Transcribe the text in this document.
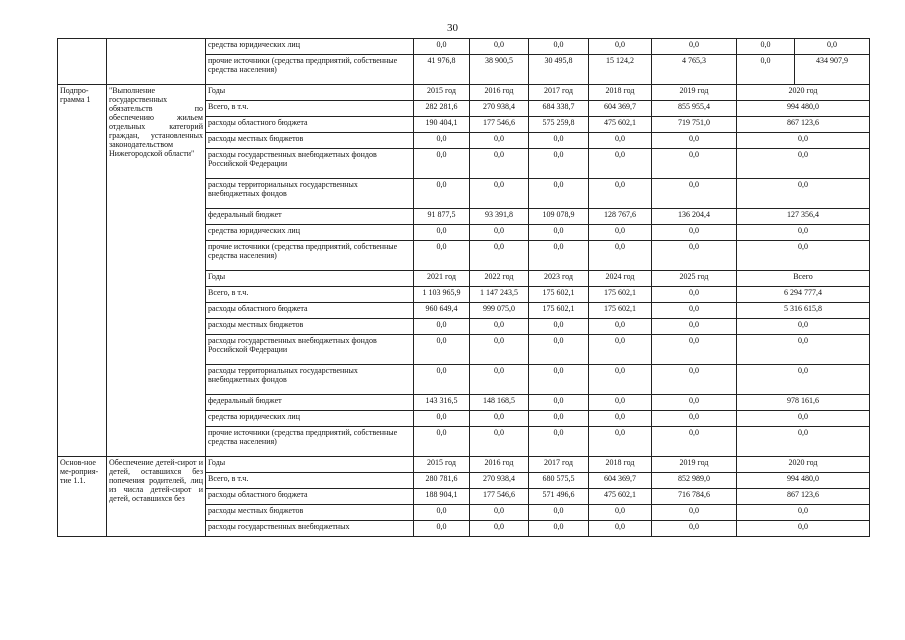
30
		средства юридических лиц	0,0	0,0	0,0	0,0	0,0	0,0	0,0
		прочие источники (средства предприятий, собственные средства населения)	41 976,8	38 900,5	30 495,8	15 124,2	4 765,3	0,0	434 907,9
Подпро-грамма 1	"Выполнение государственных обязательств по обеспечению жильем отдельных категорий граждан, установленных законодательством Нижегородской области"	Годы	2015 год	2016 год	2017 год	2018 год	2019 год	2020 год	
		Всего, в т.ч.	282 281,6	270 938,4	684 338,7	604 369,7	855 955,4	994 480,0	
		расходы областного бюджета	190 404,1	177 546,6	575 259,8	475 602,1	719 751,0	867 123,6	
		расходы местных бюджетов	0,0	0,0	0,0	0,0	0,0	0,0	
		расходы государственных внебюджетных фондов Российской Федерации	0,0	0,0	0,0	0,0	0,0	0,0	
		расходы территориальных государственных внебюджетных фондов	0,0	0,0	0,0	0,0	0,0	0,0	
		федеральный бюджет	91 877,5	93 391,8	109 078,9	128 767,6	136 204,4	127 356,4	
		средства юридических лиц	0,0	0,0	0,0	0,0	0,0	0,0	
		прочие источники (средства предприятий, собственные средства населения)	0,0	0,0	0,0	0,0	0,0	0,0	
		Годы	2021 год	2022 год	2023 год	2024 год	2025 год	Всего	
		Всего, в т.ч.	1 103 965,9	1 147 243,5	175 602,1	175 602,1	0,0	6 294 777,4	
		расходы областного бюджета	960 649,4	999 075,0	175 602,1	175 602,1	0,0	5 316 615,8	
		расходы местных бюджетов	0,0	0,0	0,0	0,0	0,0	0,0	
		расходы государственных внебюджетных фондов Российской Федерации	0,0	0,0	0,0	0,0	0,0	0,0	
		расходы территориальных государственных внебюджетных фондов	0,0	0,0	0,0	0,0	0,0	0,0	
		федеральный бюджет	143 316,5	148 168,5	0,0	0,0	0,0	978 161,6	
		средства юридических лиц	0,0	0,0	0,0	0,0	0,0	0,0	
		прочие источники (средства предприятий, собственные средства населения)	0,0	0,0	0,0	0,0	0,0	0,0	
Основ-ное ме-роприя-тие 1.1.	Обеспечение детей-сирот и детей, оставшихся без попечения родителей, лиц из числа детей-сирот и детей, оставшихся без	Годы	2015 год	2016 год	2017 год	2018 год	2019 год	2020 год	
		Всего, в т.ч.	280 781,6	270 938,4	680 575,5	604 369,7	852 989,0	994 480,0	
		расходы областного бюджета	188 904,1	177 546,6	571 496,6	475 602,1	716 784,6	867 123,6	
		расходы местных бюджетов	0,0	0,0	0,0	0,0	0,0	0,0	
		расходы государственных внебюджетных	0,0	0,0	0,0	0,0	0,0	0,0	
